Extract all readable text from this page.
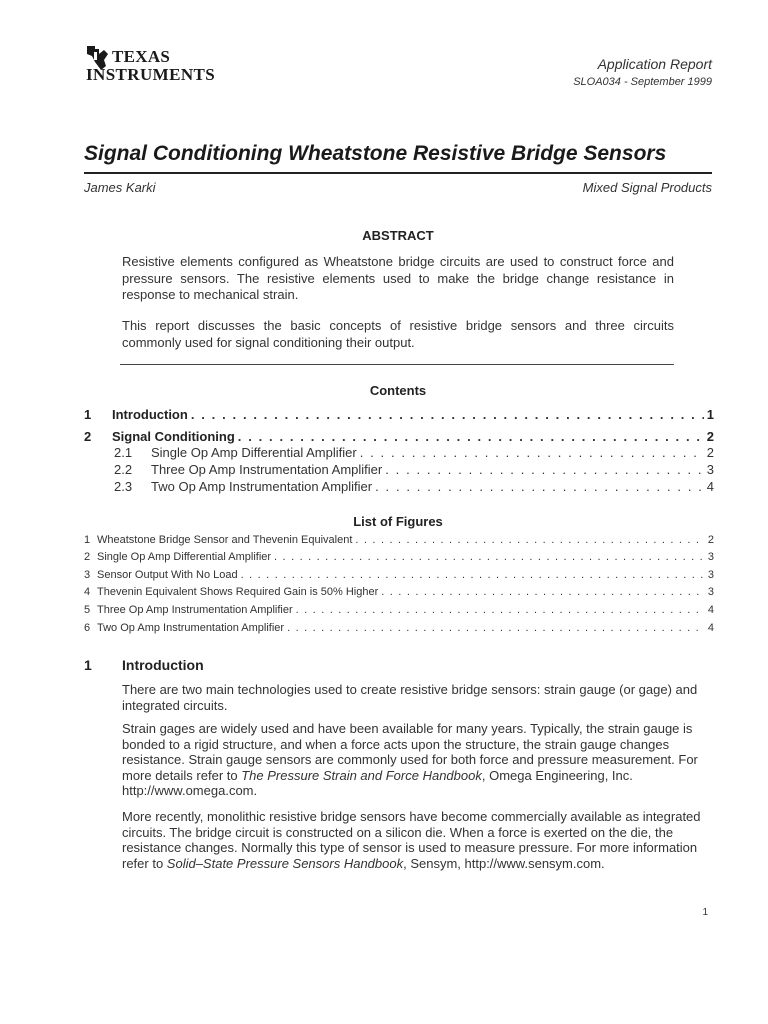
TEXAS
INSTRUMENTS
Application Report
SLOA034 - September 1999
Signal Conditioning Wheatstone Resistive Bridge Sensors
James Karki	Mixed Signal Products
ABSTRACT
Resistive elements configured as Wheatstone bridge circuits are used to construct force and pressure sensors. The resistive elements used to make the bridge change resistance in response to mechanical strain.
This report discusses the basic concepts of resistive bridge sensors and three circuits commonly used for signal conditioning their output.
Contents
1	Introduction . . .	1
2	Signal Conditioning . . .	2
2.1	Single Op Amp Differential Amplifier . . .	2
2.2	Three Op Amp Instrumentation Amplifier . . .	3
2.3	Two Op Amp Instrumentation Amplifier . . .	4
List of Figures
1 Wheatstone Bridge Sensor and Thevenin Equivalent . . .	2
2 Single Op Amp Differential Amplifier . . .	3
3 Sensor Output With No Load . . .	3
4 Thevenin Equivalent Shows Required Gain is 50% Higher . . .	3
5 Three Op Amp Instrumentation Amplifier . . .	4
6 Two Op Amp Instrumentation Amplifier . . .	4
1 Introduction
There are two main technologies used to create resistive bridge sensors: strain gauge (or gage) and integrated circuits.
Strain gages are widely used and have been available for many years. Typically, the strain gauge is bonded to a rigid structure, and when a force acts upon the structure, the strain gauge changes resistance. Strain gauge sensors are commonly used for both force and pressure measurement. For more details refer to The Pressure Strain and Force Handbook, Omega Engineering, Inc. http://www.omega.com.
More recently, monolithic resistive bridge sensors have become commercially available as integrated circuits. The bridge circuit is constructed on a silicon die. When a force is exerted on the die, the resistance changes. Normally this type of sensor is used to measure pressure. For more information refer to Solid–State Pressure Sensors Handbook, Sensym, http://www.sensym.com.
1
